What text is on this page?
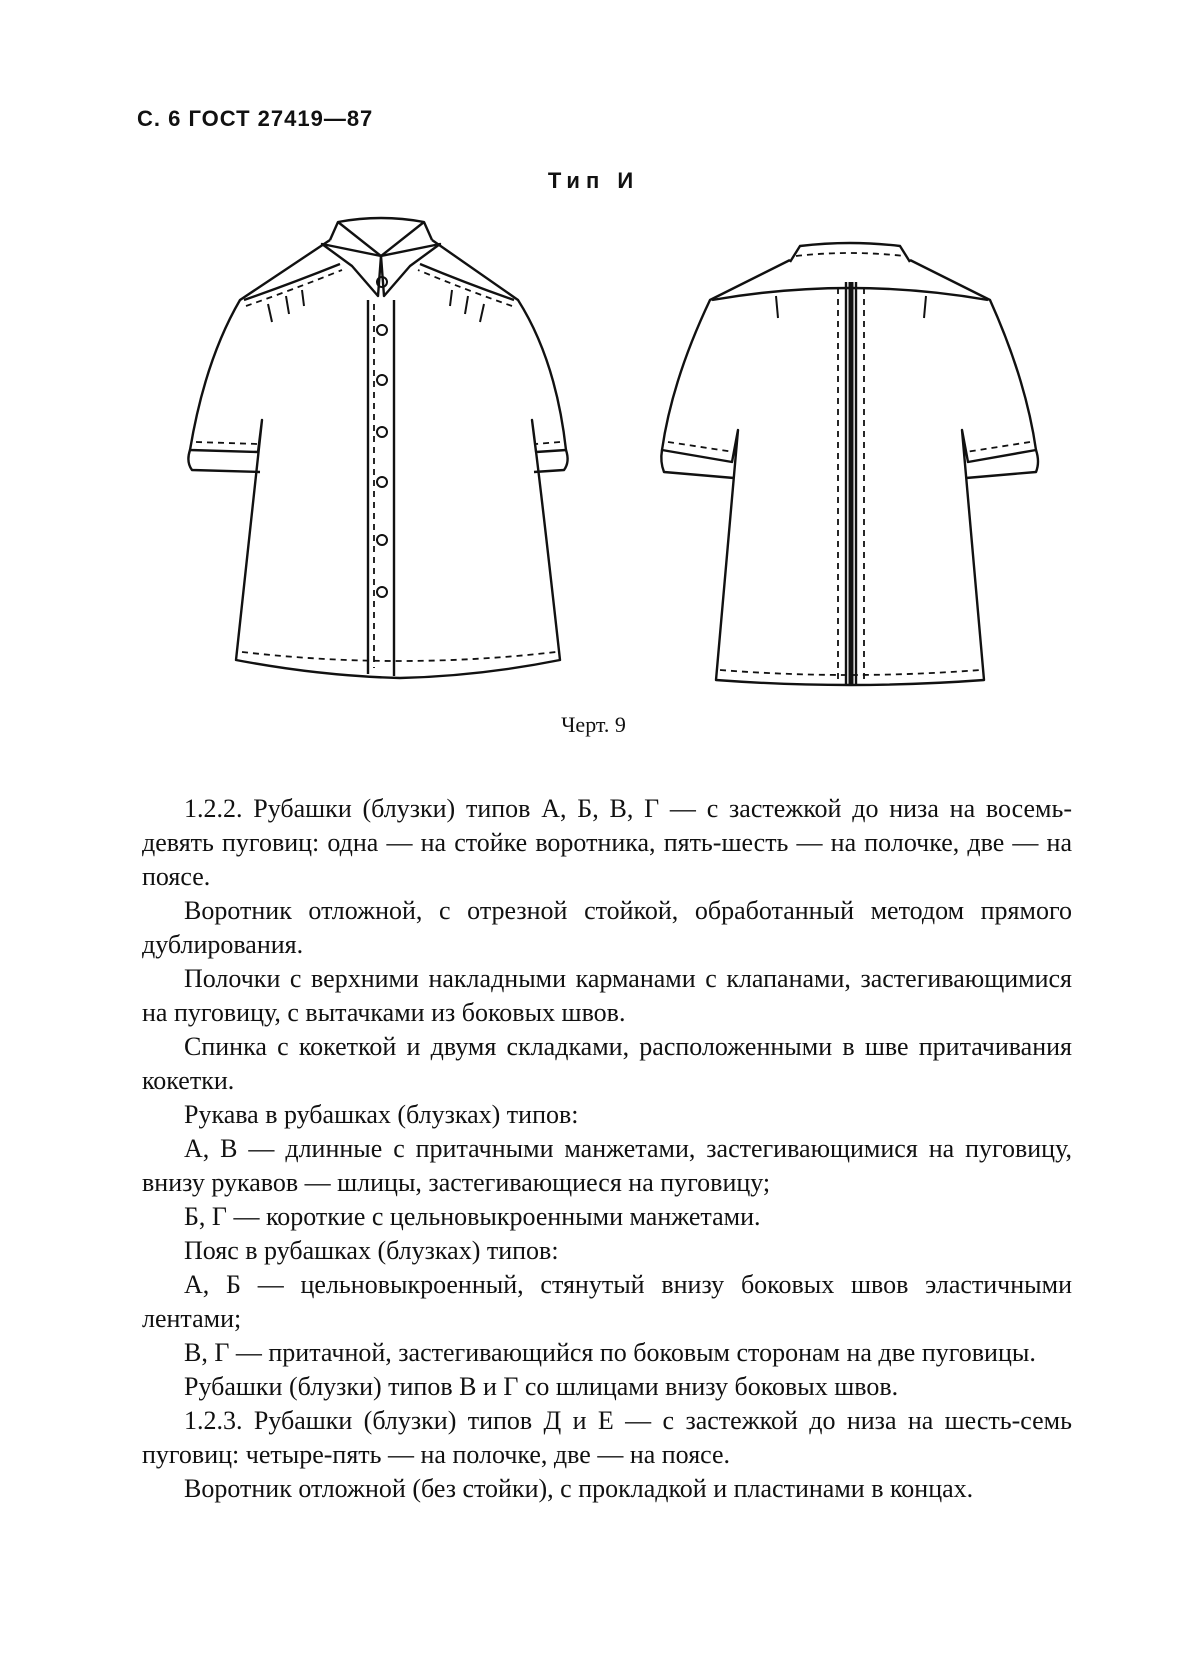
С. 6 ГОСТ 27419—87
Тип И
Черт. 9

1.2.2. Рубашки (блузки) типов А, Б, В, Г — с застежкой до низа на восемь-девять пуговиц: одна — на стойке воротника, пять-шесть — на полочке, две — на поясе.

Воротник отложной, с отрезной стойкой, обработанный методом прямого дублирования.

Полочки с верхними накладными карманами с клапанами, застегивающимися на пуговицу, с вытачками из боковых швов.

Спинка с кокеткой и двумя складками, расположенными в шве притачивания кокетки.

Рукава в рубашках (блузках) типов:

А, В — длинные с притачными манжетами, застегивающимися на пуговицу, внизу рукавов — шлицы, застегивающиеся на пуговицу;

Б, Г — короткие с цельновыкроенными манжетами.

Пояс в рубашках (блузках) типов:

А, Б — цельновыкроенный, стянутый внизу боковых швов эластичными лентами;

В, Г — притачной, застегивающийся по боковым сторонам на две пуговицы.

Рубашки (блузки) типов В и Г со шлицами внизу боковых швов.

1.2.3. Рубашки (блузки) типов Д и Е — с застежкой до низа на шесть-семь пуговиц: четыре-пять — на полочке, две — на поясе.

Воротник отложной (без стойки), с прокладкой и пластинами в концах.
